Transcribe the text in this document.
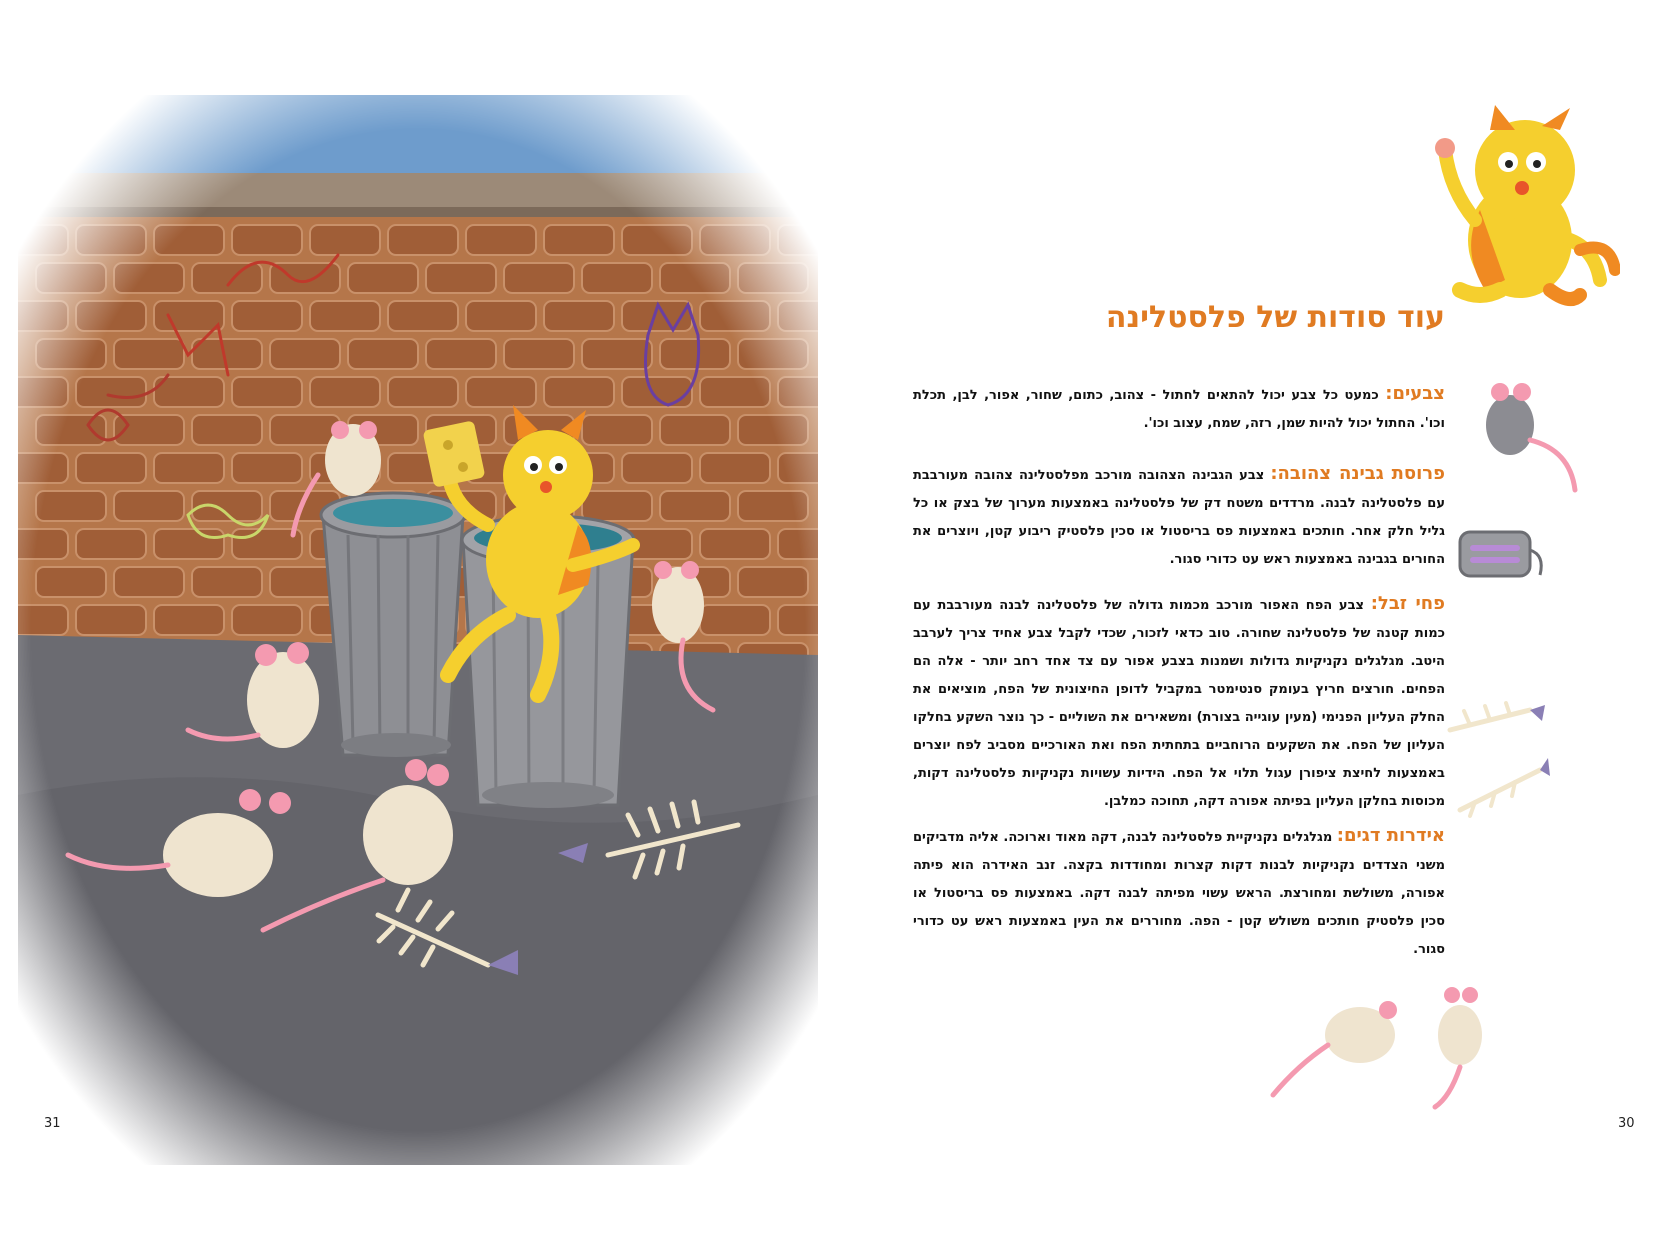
31
עוד סודות של פלסטלינה
צבעים: כמעט כל צבע יכול להתאים לחתול - צהוב, כתום, שחור, אפור, לבן, תכלת וכו'. החתול יכול להיות שמן, רזה, שמח, עצוב וכו'.
פרוסת גבינה צהובה: צבע הגבינה הצהובה מורכב מפלסטלינה צהובה מעורבבת עם פלסטלינה לבנה. מרדדים משטח דק של פלסטלינה באמצעות מערוך של בצק או כל גליל חלק אחר. חותכים באמצעות פס בריסטול או סכין פלסטיק ריבוע קטן, ויוצרים את החורים בגבינה באמצעות ראש עט כדורי סגור.
פחי זבל: צבע הפח האפור מורכב מכמות גדולה של פלסטלינה לבנה מעורבבת עם כמות קטנה של פלסטלינה שחורה. טוב כדאי לזכור, שכדי לקבל צבע אחיד צריך לערבב היטב. מגלגלים נקניקיות גדולות ושמנות בצבע אפור עם צד אחד רחב יותר - אלה הם הפחים. חורצים חריץ בעומק סנטימטר במקביל לדופן החיצונית של הפח, מוציאים את החלק העליון הפנימי (מעין עוגייה בצורת) ומשאירים את השוליים - כך נוצר השקע בחלקו העליון של הפח. את השקעים הרוחביים בתחתית הפח ואת האורכיים מסביב לפח יוצרים באמצעות לחיצת ציפורן עגול תלוי אל הפח. הידיות עשויות נקניקיות פלסטלינה דקות, מכוסות בחלקן העליון בפיתה אפורה דקה, תחוכה כמלבן.
אידרות דגים: מגלגלים נקניקיית פלסטלינה לבנה, דקה מאוד וארוכה. אליה מדביקים משני הצדדים נקניקיות לבנות דקות קצרות ומחודדות בקצה. זנב האידרה הוא פיתה אפורה, משולשת ומחורצת. הראש עשוי מפיתה לבנה דקה. באמצעות פס בריסטול או סכין פלסטיק חותכים משולש קטן - הפה. מחוררים את העין באמצעות ראש עט כדורי סגור.
30
